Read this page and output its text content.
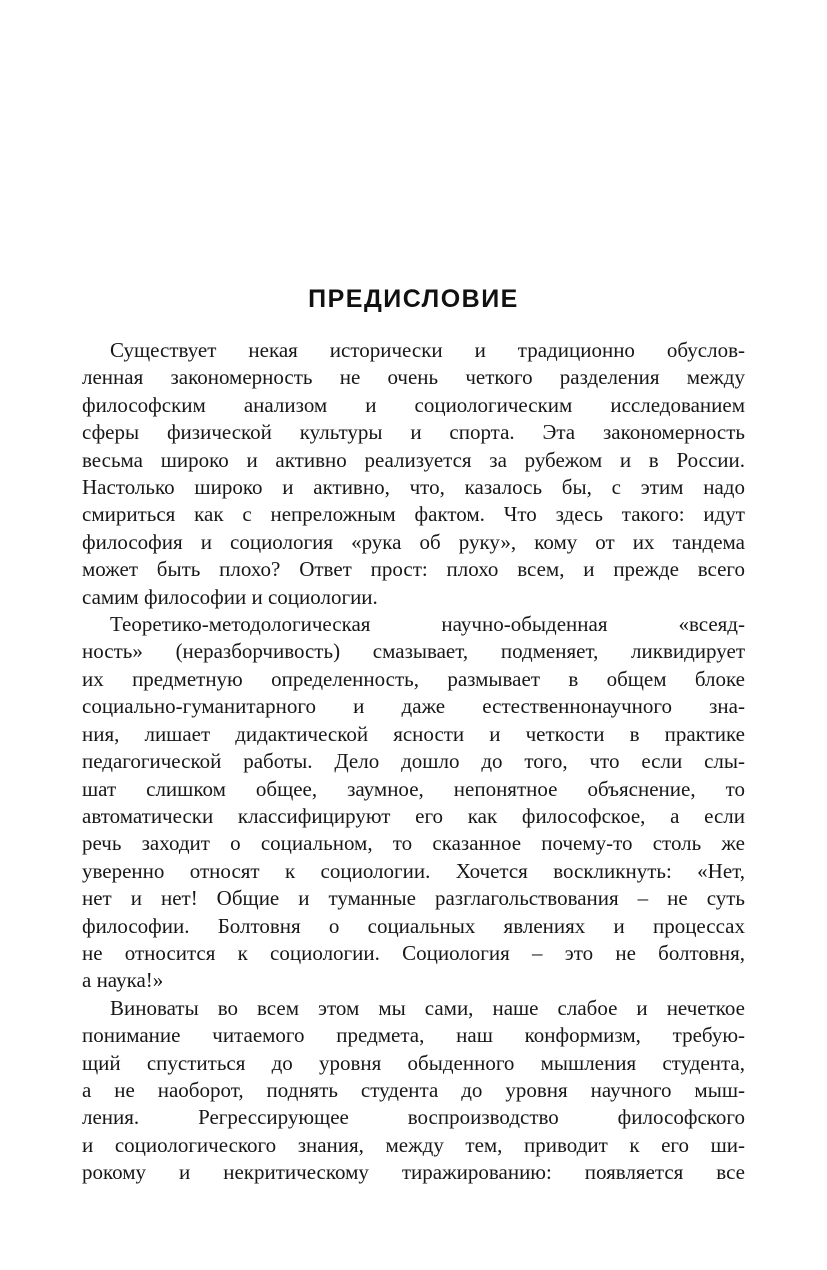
ПРЕДИСЛОВИЕ
Существует некая исторически и традиционно обуслов-
ленная закономерность не очень четкого разделения между
философским анализом и социологическим исследованием
сферы физической культуры и спорта. Эта закономерность
весьма широко и активно реализуется за рубежом и в России.
Настолько широко и активно, что, казалось бы, с этим надо
смириться как с непреложным фактом. Что здесь такого: идут
философия и социология «рука об руку», кому от их тандема
может быть плохо? Ответ прост: плохо всем, и прежде всего
самим философии и социологии.
Теоретико-методологическая научно-обыденная «всеяд-
ность» (неразборчивость) смазывает, подменяет, ликвидирует
их предметную определенность, размывает в общем блоке
социально-гуманитарного и даже естественнонаучного зна-
ния, лишает дидактической ясности и четкости в практике
педагогической работы. Дело дошло до того, что если слы-
шат слишком общее, заумное, непонятное объяснение, то
автоматически классифицируют его как философское, а если
речь заходит о социальном, то сказанное почему-то столь же
уверенно относят к социологии. Хочется воскликнуть: «Нет,
нет и нет! Общие и туманные разглагольствования – не суть
философии. Болтовня о социальных явлениях и процессах
не относится к социологии. Социология – это не болтовня,
а наука!»
Виноваты во всем этом мы сами, наше слабое и нечеткое
понимание читаемого предмета, наш конформизм, требую-
щий спуститься до уровня обыденного мышления студента,
а не наоборот, поднять студента до уровня научного мыш-
ления. Регрессирующее воспроизводство философского
и социологического знания, между тем, приводит к его ши-
рокому и некритическому тиражированию: появляется все
